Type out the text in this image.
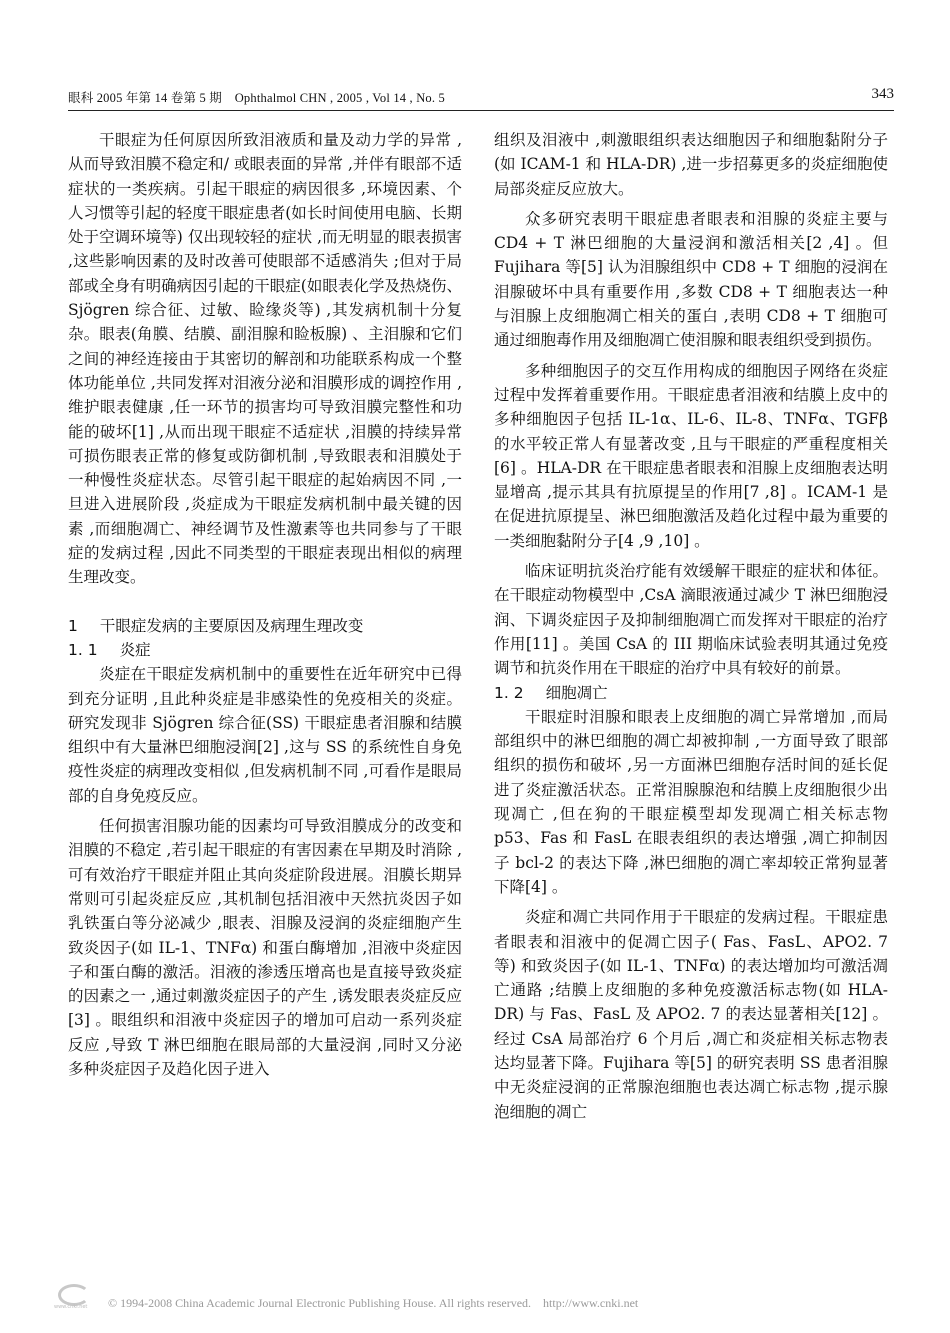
眼科 2005 年第 14 卷第 5 期　Ophthalmol CHN , 2005 , Vol 14 , No. 5	343

干眼症为任何原因所致泪液质和量及动力学的异常 ,从而导致泪膜不稳定和/ 或眼表面的异常 ,并伴有眼部不适症状的一类疾病。引起干眼症的病因很多 ,环境因素、个人习惯等引起的轻度干眼症患者(如长时间使用电脑、长期处于空调环境等) 仅出现较轻的症状 ,而无明显的眼表损害 ,这些影响因素的及时改善可使眼部不适感消失 ;但对于局部或全身有明确病因引起的干眼症(如眼表化学及热烧伤、Sjögren 综合征、过敏、睑缘炎等) ,其发病机制十分复杂。眼表(角膜、结膜、副泪腺和睑板腺) 、主泪腺和它们之间的神经连接由于其密切的解剖和功能联系构成一个整体功能单位 ,共同发挥对泪液分泌和泪膜形成的调控作用 ,维护眼表健康 ,任一环节的损害均可导致泪膜完整性和功能的破坏[1] ,从而出现干眼症不适症状 ,泪膜的持续异常可损伤眼表正常的修复或防御机制 ,导致眼表和泪膜处于一种慢性炎症状态。尽管引起干眼症的起始病因不同 ,一旦进入进展阶段 ,炎症成为干眼症发病机制中最关键的因素 ,而细胞凋亡、神经调节及性激素等也共同参与了干眼症的发病过程 ,因此不同类型的干眼症表现出相似的病理生理改变。

1 干眼症发病的主要原因及病理生理改变
1. 1 炎症

炎症在干眼症发病机制中的重要性在近年研究中已得到充分证明 ,且此种炎症是非感染性的免疫相关的炎症。研究发现非 Sjögren 综合征(SS) 干眼症患者泪腺和结膜组织中有大量淋巴细胞浸润[2] ,这与 SS 的系统性自身免疫性炎症的病理改变相似 ,但发病机制不同 ,可看作是眼局部的自身免疫反应。

任何损害泪腺功能的因素均可导致泪膜成分的改变和泪膜的不稳定 ,若引起干眼症的有害因素在早期及时消除 ,可有效治疗干眼症并阻止其向炎症阶段进展。泪膜长期异常则可引起炎症反应 ,其机制包括泪液中天然抗炎因子如乳铁蛋白等分泌减少 ,眼表、泪腺及浸润的炎症细胞产生致炎因子(如 IL-1、TNFα) 和蛋白酶增加 ,泪液中炎症因子和蛋白酶的激活。泪液的渗透压增高也是直接导致炎症的因素之一 ,通过刺激炎症因子的产生 ,诱发眼表炎症反应[3] 。眼组织和泪液中炎症因子的增加可启动一系列炎症反应 ,导致 T 淋巴细胞在眼局部的大量浸润 ,同时又分泌多种炎症因子及趋化因子进入

组织及泪液中 ,刺激眼组织表达细胞因子和细胞黏附分子(如 ICAM-1 和 HLA-DR) ,进一步招募更多的炎症细胞使局部炎症反应放大。

众多研究表明干眼症患者眼表和泪腺的炎症主要与 CD4 + T 淋巴细胞的大量浸润和激活相关[2 ,4] 。但 Fujihara 等[5] 认为泪腺组织中 CD8 + T 细胞的浸润在泪腺破坏中具有重要作用 ,多数 CD8 + T 细胞表达一种与泪腺上皮细胞凋亡相关的蛋白 ,表明 CD8 + T 细胞可通过细胞毒作用及细胞凋亡使泪腺和眼表组织受到损伤。

多种细胞因子的交互作用构成的细胞因子网络在炎症过程中发挥着重要作用。干眼症患者泪液和结膜上皮中的多种细胞因子包括 IL-1α、IL-6、IL-8、TNFα、TGFβ 的水平较正常人有显著改变 ,且与干眼症的严重程度相关[6] 。HLA-DR 在干眼症患者眼表和泪腺上皮细胞表达明显增高 ,提示其具有抗原提呈的作用[7 ,8] 。ICAM-1 是在促进抗原提呈、淋巴细胞激活及趋化过程中最为重要的一类细胞黏附分子[4 ,9 ,10] 。

临床证明抗炎治疗能有效缓解干眼症的症状和体征。在干眼症动物模型中 ,CsA 滴眼液通过减少 T 淋巴细胞浸润、下调炎症因子及抑制细胞凋亡而发挥对干眼症的治疗作用[11] 。美国 CsA 的 III 期临床试验表明其通过免疫调节和抗炎作用在干眼症的治疗中具有较好的前景。

1. 2 细胞凋亡

干眼症时泪腺和眼表上皮细胞的凋亡异常增加 ,而局部组织中的淋巴细胞的凋亡却被抑制 ,一方面导致了眼部组织的损伤和破坏 ,另一方面淋巴细胞存活时间的延长促进了炎症激活状态。正常泪腺腺泡和结膜上皮细胞很少出现凋亡 ,但在狗的干眼症模型却发现凋亡相关标志物 p53、Fas 和 FasL 在眼表组织的表达增强 ,凋亡抑制因子 bcl-2 的表达下降 ,淋巴细胞的凋亡率却较正常狗显著下降[4] 。

炎症和凋亡共同作用于干眼症的发病过程。干眼症患者眼表和泪液中的促凋亡因子( Fas、FasL、APO2. 7 等) 和致炎因子(如 IL-1、TNFα) 的表达增加均可激活凋亡通路 ;结膜上皮细胞的多种免疫激活标志物(如 HLA-DR) 与 Fas、FasL 及 APO2. 7 的表达显著相关[12] 。经过 CsA 局部治疗 6 个月后 ,凋亡和炎症相关标志物表达均显著下降。Fujihara 等[5] 的研究表明 SS 患者泪腺中无炎症浸润的正常腺泡细胞也表达凋亡标志物 ,提示腺泡细胞的凋亡

www.cnki.net © 1994-2008 China Academic Journal Electronic Publishing House. All rights reserved.　http://www.cnki.net
